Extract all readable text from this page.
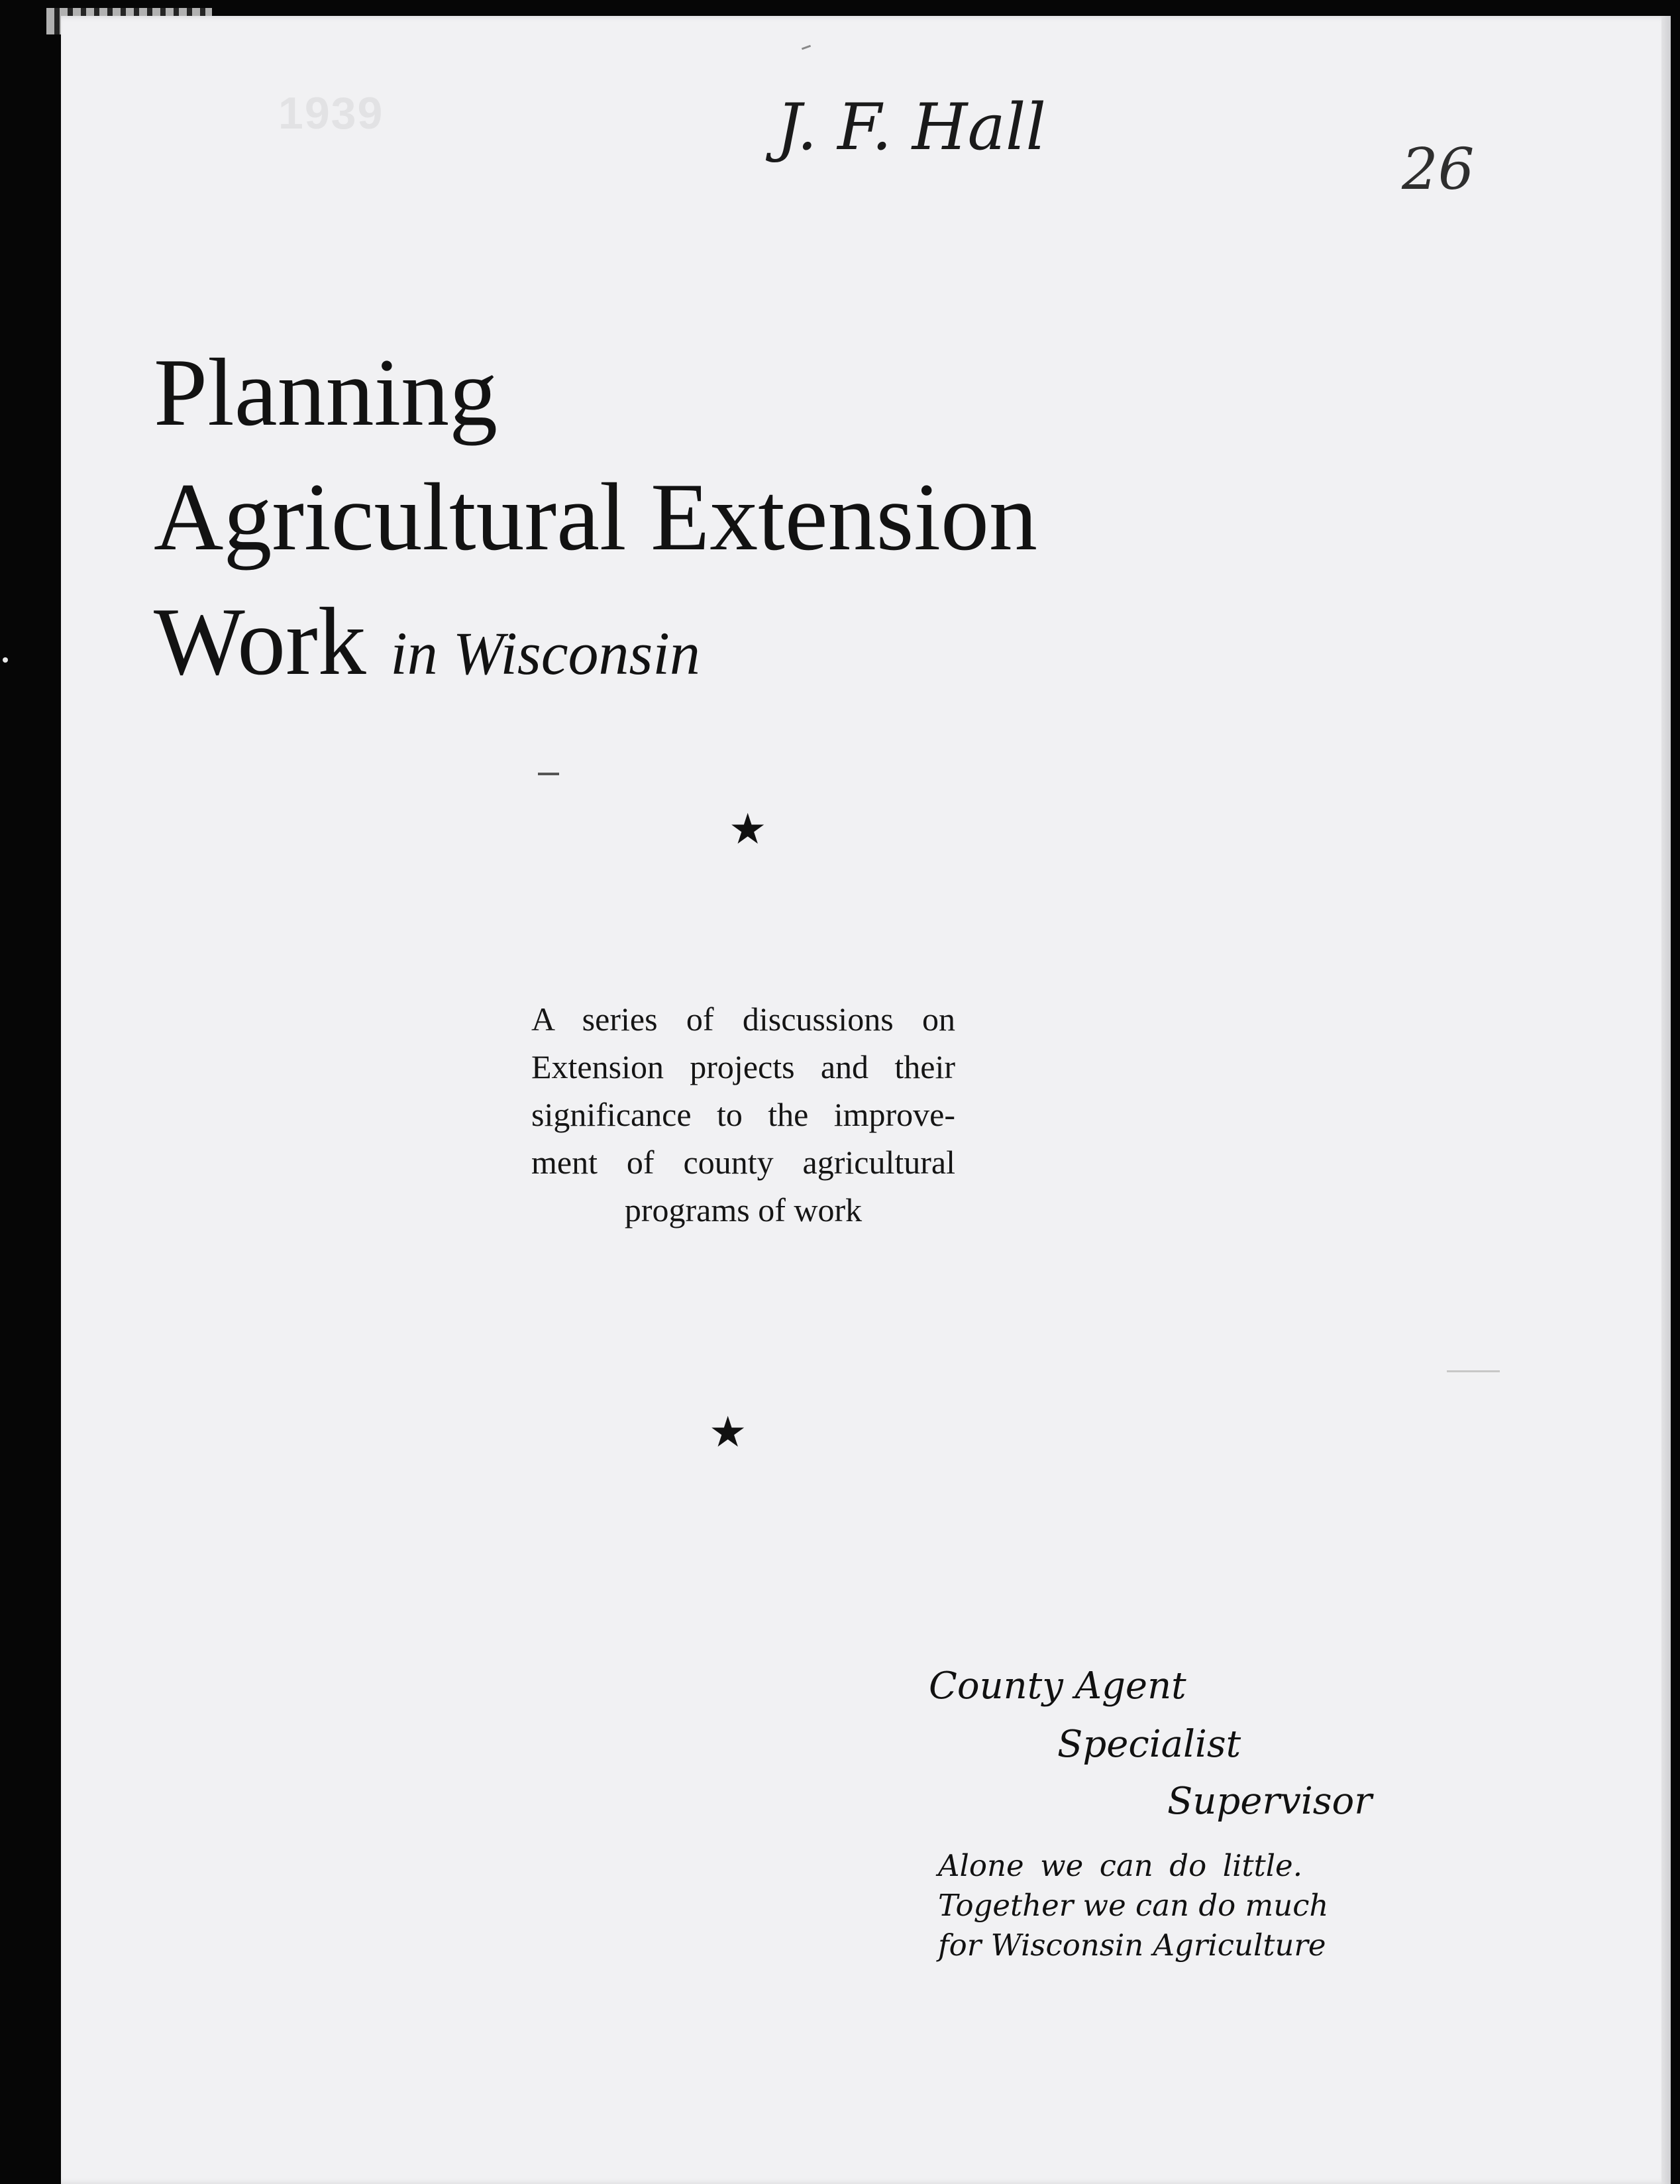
1939	J. F. Hall
26
Planning
Agricultural Extension
Work in Wisconsin
★
A series of discussions on
Extension projects and their
significance to the improve-
ment of county agricultural
programs of work
★
County Agent
Specialist
Supervisor
Alone we can do little.
Together we can do much
for Wisconsin Agriculture
